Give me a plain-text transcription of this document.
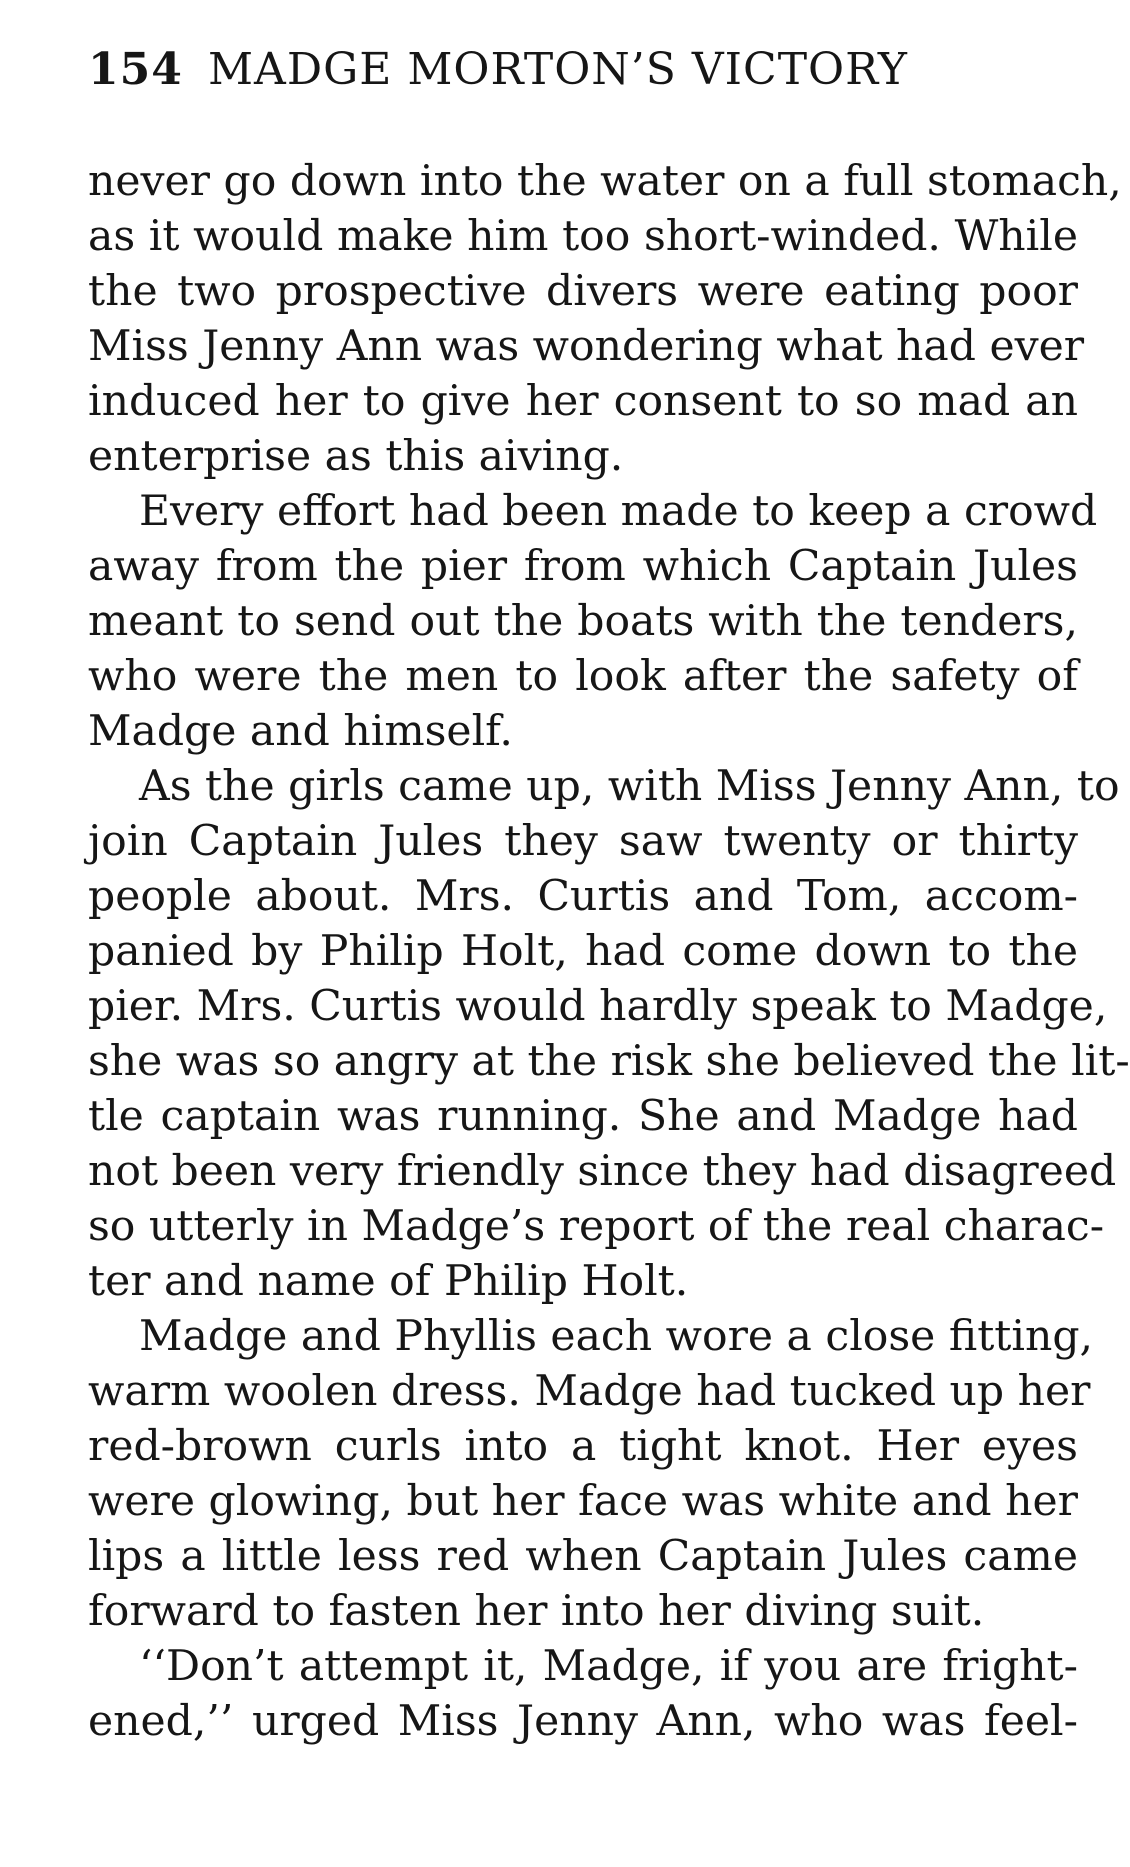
154 MADGE MORTON’S VICTORY
never go down into the water on a full stomach,
as it would make him too short-winded. While
the two prospective divers were eating poor
Miss Jenny Ann was wondering what had ever
induced her to give her consent to so mad an
enterprise as this aiving.
Every effort had been made to keep a crowd
away from the pier from which Captain Jules
meant to send out the boats with the tenders,
who were the men to look after the safety of
Madge and himself.
As the girls came up, with Miss Jenny Ann, to
join Captain Jules they saw twenty or thirty
people about. Mrs. Curtis and Tom, accom-
panied by Philip Holt, had come down to the
pier. Mrs. Curtis would hardly speak to Madge,
she was so angry at the risk she believed the lit-
tle captain was running. She and Madge had
not been very friendly since they had disagreed
so utterly in Madge’s report of the real charac-
ter and name of Philip Holt.
Madge and Phyllis each wore a close fitting,
warm woolen dress. Madge had tucked up her
red-brown curls into a tight knot. Her eyes
were glowing, but her face was white and her
lips a little less red when Captain Jules came
forward to fasten her into her diving suit.
‘‘Don’t attempt it, Madge, if you are fright-
ened,’’ urged Miss Jenny Ann, who was feel-
